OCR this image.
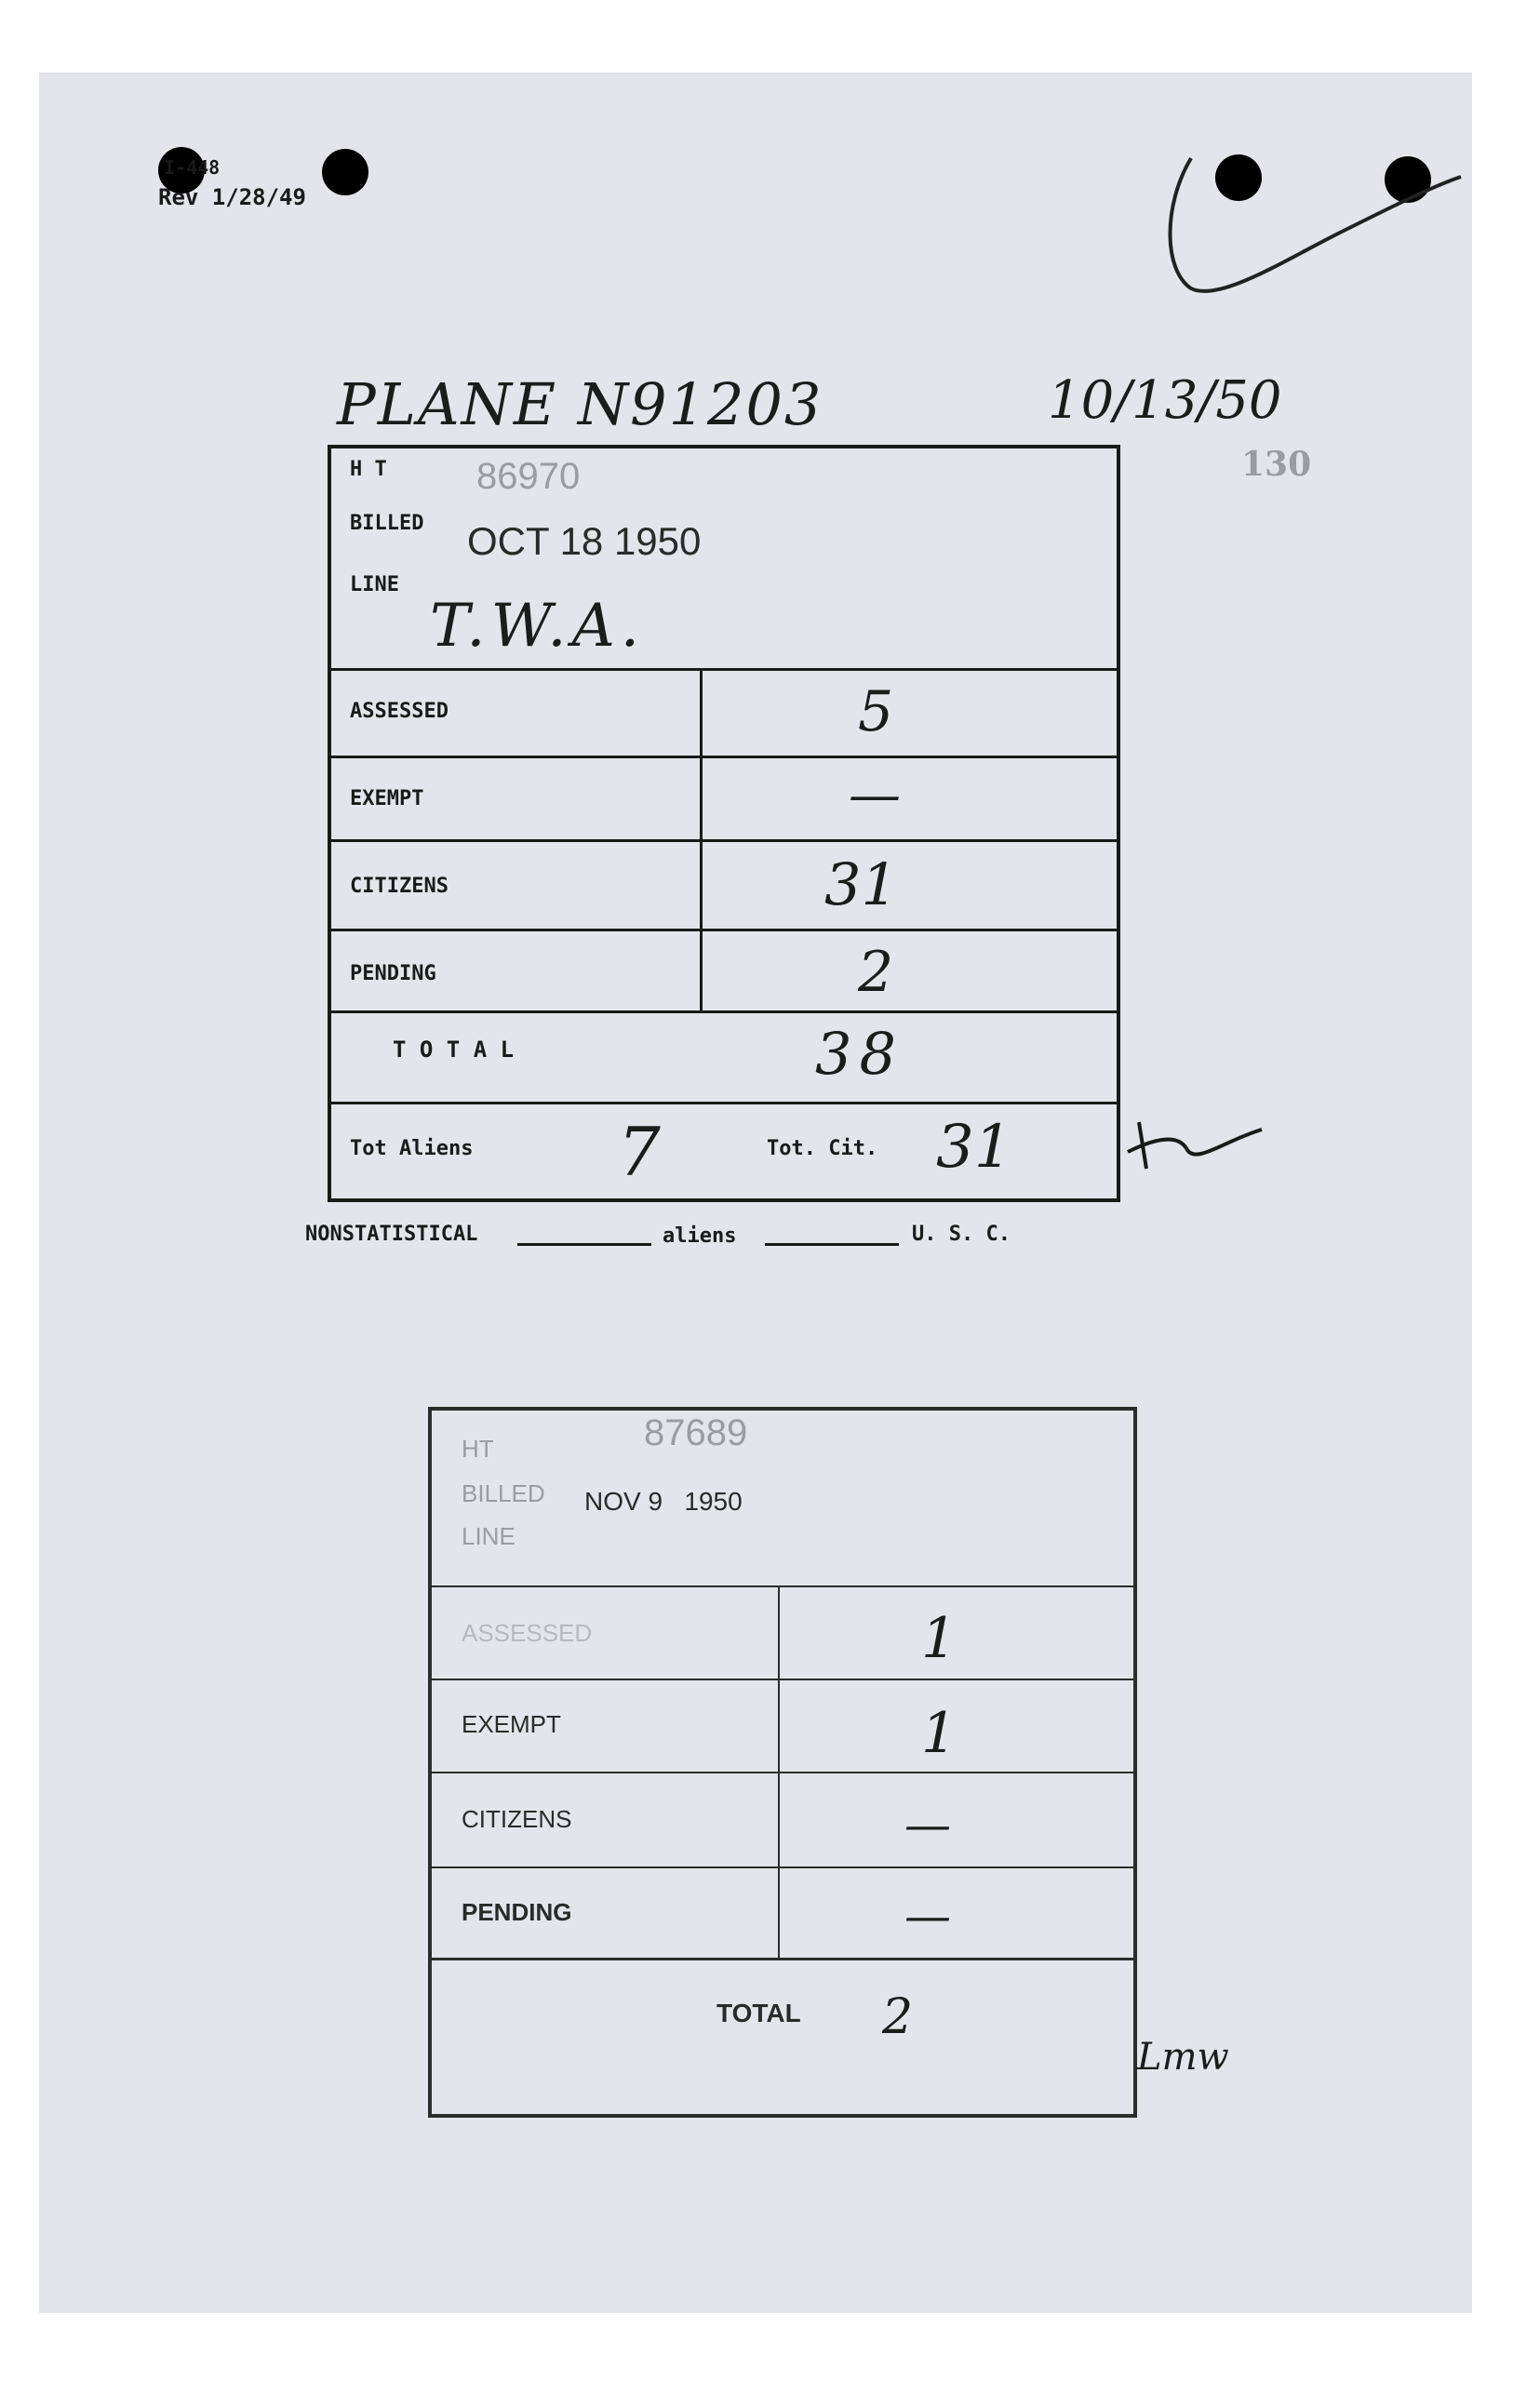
I-448
Rev 1/28/49
PLANE N91203	10/13/50
130
H T 86970
BILLED OCT 18 1950
LINE
T.W.A.
ASSESSED	5
EXEMPT	—
CITIZENS	31
PENDING	2
T O T A L	38
Tot Aliens 7	Tot. Cit. 31
NONSTATISTICAL	aliens	U. S. C.
HT	87689
BILLED NOV 9   1950
LINE
ASSESSED	1
EXEMPT	1
CITIZENS	—
PENDING	—
TOTAL 2
Lmw
